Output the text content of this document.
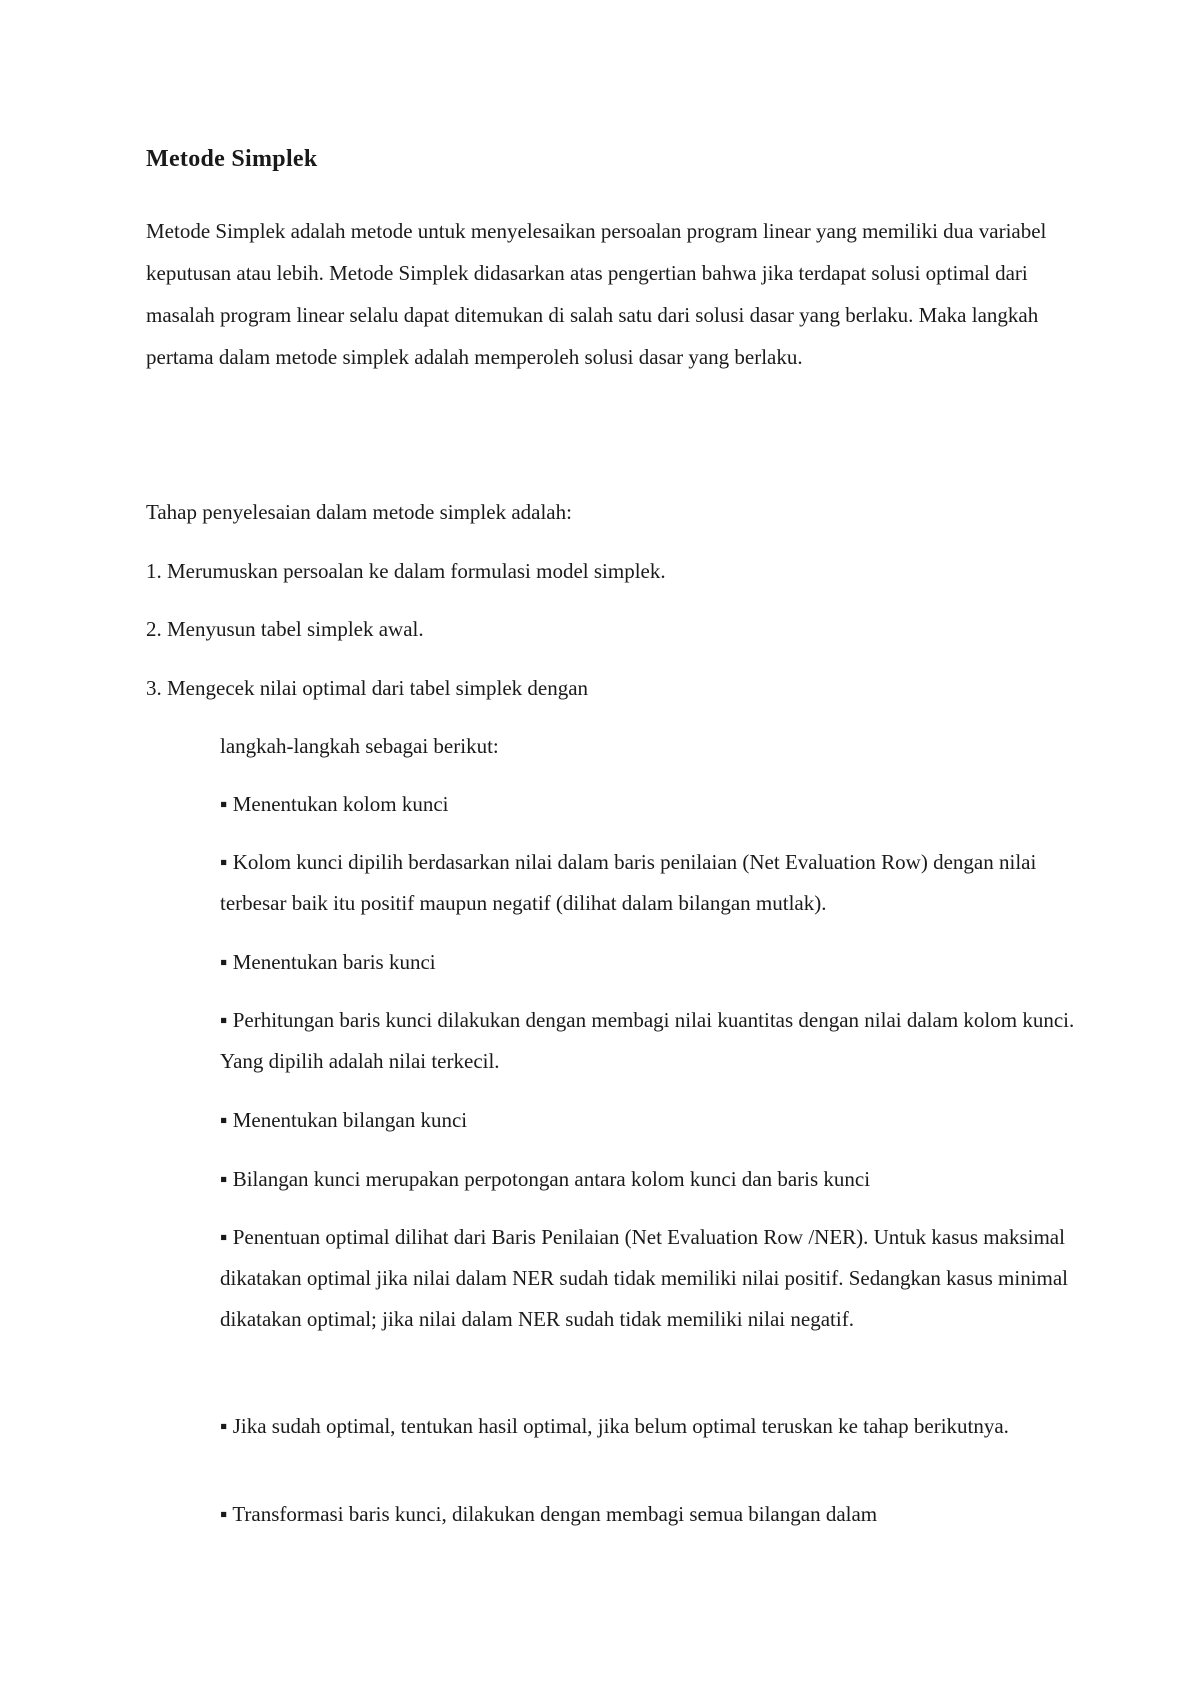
Metode Simplek

Metode Simplek adalah metode untuk menyelesaikan persoalan program linear yang memiliki dua variabel keputusan atau lebih. Metode Simplek didasarkan atas pengertian bahwa jika terdapat solusi optimal dari masalah program linear selalu dapat ditemukan di salah satu dari solusi dasar yang berlaku. Maka langkah pertama dalam metode simplek adalah memperoleh solusi dasar yang berlaku.

Tahap penyelesaian dalam metode simplek adalah:
1. Merumuskan persoalan ke dalam formulasi model simplek.
2. Menyusun tabel simplek awal.
3. Mengecek nilai optimal dari tabel simplek dengan
langkah-langkah sebagai berikut:
▪ Menentukan kolom kunci

▪ Kolom kunci dipilih berdasarkan nilai dalam baris penilaian (Net Evaluation Row) dengan nilai terbesar baik itu positif maupun negatif (dilihat dalam bilangan mutlak).

▪ Menentukan baris kunci

▪ Perhitungan baris kunci dilakukan dengan membagi nilai kuantitas dengan nilai dalam kolom kunci. Yang dipilih adalah nilai terkecil.

▪ Menentukan bilangan kunci
▪ Bilangan kunci merupakan perpotongan antara kolom kunci dan baris kunci

▪ Penentuan optimal dilihat dari Baris Penilaian (Net Evaluation Row /NER). Untuk kasus maksimal dikatakan optimal jika nilai dalam NER sudah tidak memiliki nilai positif. Sedangkan kasus minimal dikatakan optimal; jika nilai dalam NER sudah tidak memiliki nilai negatif.

▪ Jika sudah optimal, tentukan hasil optimal, jika belum optimal teruskan ke tahap berikutnya.

▪ Transformasi baris kunci, dilakukan dengan membagi semua bilangan dalam
